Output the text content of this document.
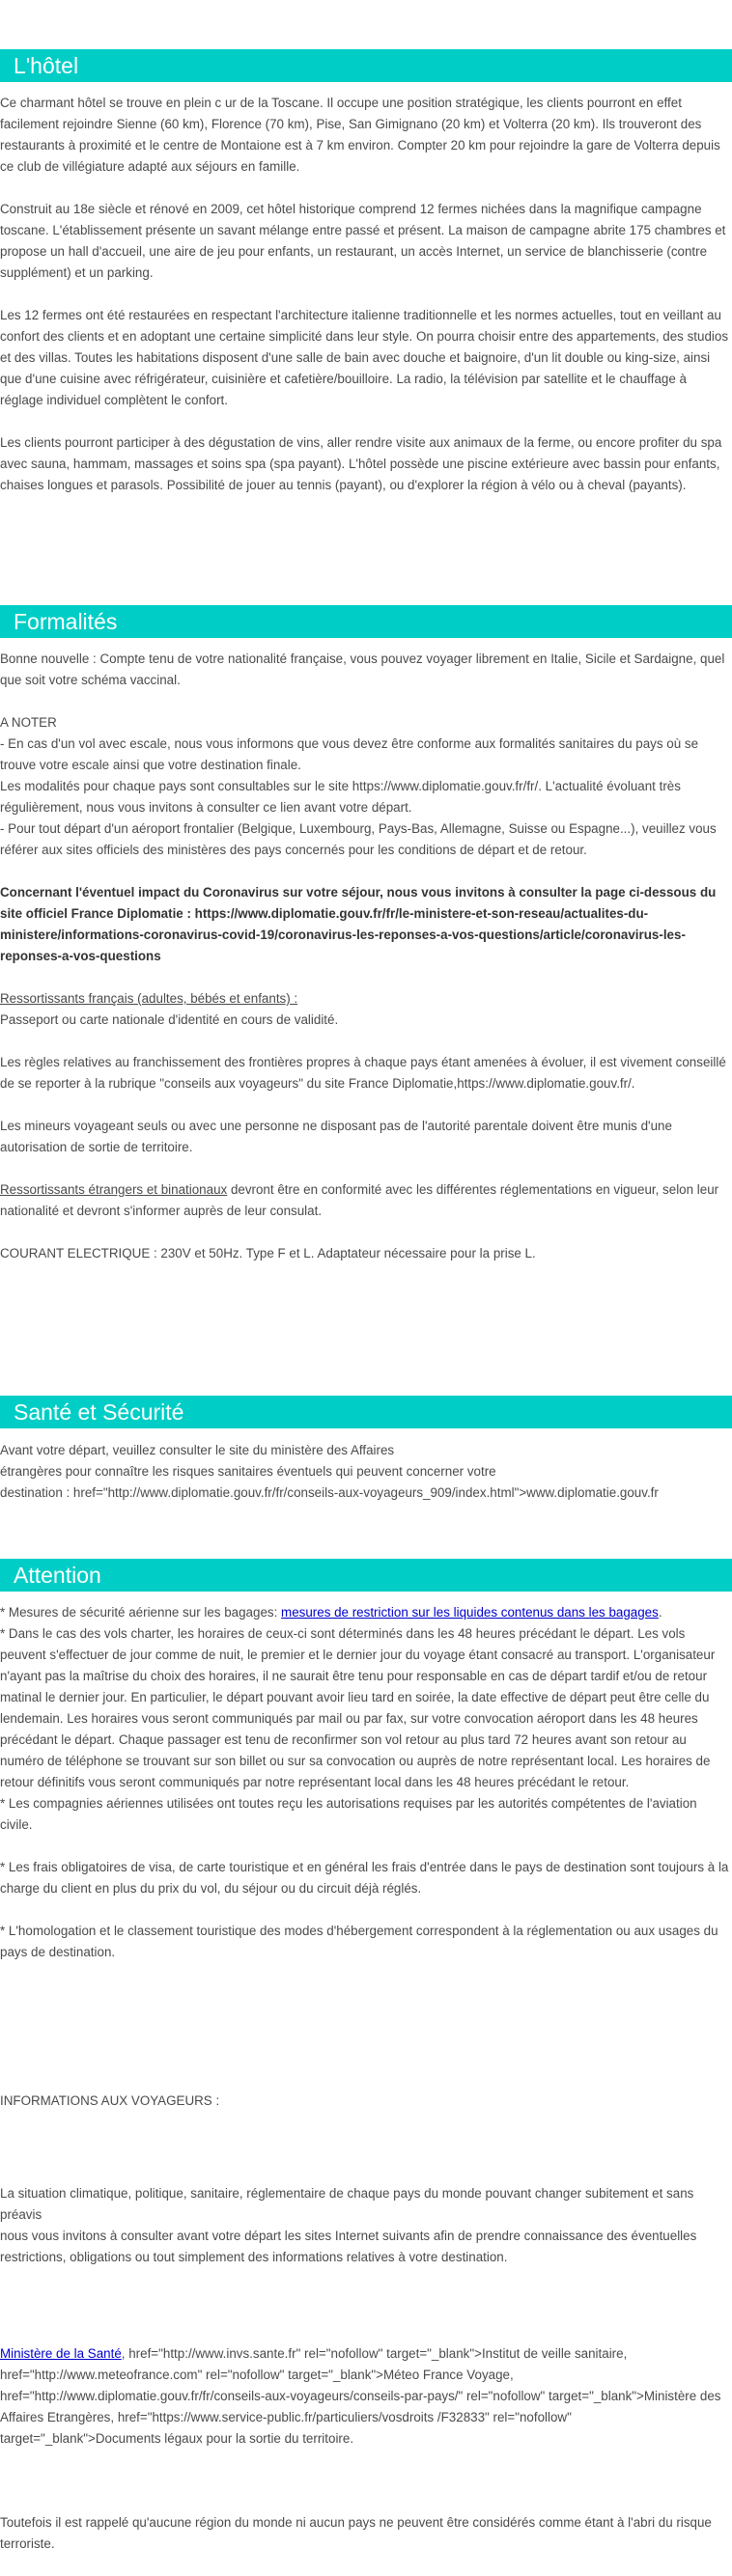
L'hôtel

Ce charmant hôtel se trouve en plein c ur de la Toscane. Il occupe une position stratégique, les clients pourront en effet facilement rejoindre Sienne (60 km), Florence (70 km), Pise, San Gimignano (20 km) et Volterra (20 km). Ils trouveront des restaurants à proximité et le centre de Montaione est à 7 km environ. Compter 20 km pour rejoindre la gare de Volterra depuis ce club de villégiature adapté aux séjours en famille.

Construit au 18e siècle et rénové en 2009, cet hôtel historique comprend 12 fermes nichées dans la magnifique campagne toscane. L'établissement présente un savant mélange entre passé et présent. La maison de campagne abrite 175 chambres et propose un hall d'accueil, une aire de jeu pour enfants, un restaurant, un accès Internet, un service de blanchisserie (contre supplément) et un parking.

Les 12 fermes ont été restaurées en respectant l'architecture italienne traditionnelle et les normes actuelles, tout en veillant au confort des clients et en adoptant une certaine simplicité dans leur style. On pourra choisir entre des appartements, des studios et des villas. Toutes les habitations disposent d'une salle de bain avec douche et baignoire, d'un lit double ou king-size, ainsi que d'une cuisine avec réfrigérateur, cuisinière et cafetière/bouilloire. La radio, la télévision par satellite et le chauffage à réglage individuel complètent le confort.

Les clients pourront participer à des dégustation de vins, aller rendre visite aux animaux de la ferme, ou encore profiter du spa avec sauna, hammam, massages et soins spa (spa payant). L'hôtel possède une piscine extérieure avec bassin pour enfants, chaises longues et parasols. Possibilité de jouer au tennis (payant), ou d'explorer la région à vélo ou à cheval (payants).

Formalités

Bonne nouvelle : Compte tenu de votre nationalité française, vous pouvez voyager librement en Italie, Sicile et Sardaigne, quel que soit votre schéma vaccinal.

A NOTER

- En cas d'un vol avec escale, nous vous informons que vous devez être conforme aux formalités sanitaires du pays où se trouve votre escale ainsi que votre destination finale.

Les modalités pour chaque pays sont consultables sur le site https://www.diplomatie.gouv.fr/fr/. L'actualité évoluant très régulièrement, nous vous invitons à consulter ce lien avant votre départ.

- Pour tout départ d'un aéroport frontalier (Belgique, Luxembourg, Pays-Bas, Allemagne, Suisse ou Espagne...), veuillez vous référer aux sites officiels des ministères des pays concernés pour les conditions de départ et de retour.

Concernant l'éventuel impact du Coronavirus sur votre séjour, nous vous invitons à consulter la page ci-dessous du site officiel France Diplomatie : https://www.diplomatie.gouv.fr/fr/le-ministere-et-son-reseau/actualites-du-ministere/informations-coronavirus-covid-19/coronavirus-les-reponses-a-vos-questions/article/coronavirus-les-reponses-a-vos-questions

Ressortissants français (adultes, bébés et enfants) :

Passeport ou carte nationale d'identité en cours de validité.

Les règles relatives au franchissement des frontières propres à chaque pays étant amenées à évoluer, il est vivement conseillé de se reporter à la rubrique "conseils aux voyageurs" du site France Diplomatie,https://www.diplomatie.gouv.fr/.

Les mineurs voyageant seuls ou avec une personne ne disposant pas de l'autorité parentale doivent être munis d'une autorisation de sortie de territoire.

Ressortissants étrangers et binationaux devront être en conformité avec les différentes réglementations en vigueur, selon leur nationalité et devront s'informer auprès de leur consulat.

COURANT ELECTRIQUE : 230V et 50Hz. Type F et L. Adaptateur nécessaire pour la prise L.

Santé et Sécurité

Avant votre départ, veuillez consulter le site du ministère des Affaires

étrangères pour connaître les risques sanitaires éventuels qui peuvent concerner votre

destination : href="http://www.diplomatie.gouv.fr/fr/conseils-aux-voyageurs_909/index.html">www.diplomatie.gouv.fr

Attention

* Mesures de sécurité aérienne sur les bagages: mesures de restriction sur les liquides contenus dans les bagages.

* Dans le cas des vols charter, les horaires de ceux-ci sont déterminés dans les 48 heures précédant le départ. Les vols peuvent s'effectuer de jour comme de nuit, le premier et le dernier jour du voyage étant consacré au transport. L'organisateur n'ayant pas la maîtrise du choix des horaires, il ne saurait être tenu pour responsable en cas de départ tardif et/ou de retour matinal le dernier jour. En particulier, le départ pouvant avoir lieu tard en soirée, la date effective de départ peut être celle du lendemain. Les horaires vous seront communiqués par mail ou par fax, sur votre convocation aéroport dans les 48 heures précédant le départ. Chaque passager est tenu de reconfirmer son vol retour au plus tard 72 heures avant son retour au numéro de téléphone se trouvant sur son billet ou sur sa convocation ou auprès de notre représentant local. Les horaires de retour définitifs vous seront communiqués par notre représentant local dans les 48 heures précédant le retour.

* Les compagnies aériennes utilisées ont toutes reçu les autorisations requises par les autorités compétentes de l'aviation civile.

* Les frais obligatoires de visa, de carte touristique et en général les frais d'entrée dans le pays de destination sont toujours à la charge du client en plus du prix du vol, du séjour ou du circuit déjà réglés.

* L'homologation et le classement touristique des modes d'hébergement correspondent à la réglementation ou aux usages du pays de destination.

INFORMATIONS AUX VOYAGEURS :

La situation climatique, politique, sanitaire, réglementaire de chaque pays du monde pouvant changer subitement et sans préavis

nous vous invitons à consulter avant votre départ les sites Internet suivants afin de prendre connaissance des éventuelles restrictions, obligations ou tout simplement des informations relatives à votre destination.

Ministère de la Santé, href="http://www.invs.sante.fr" rel="nofollow" target="_blank">Institut de veille sanitaire, href="http://www.meteofrance.com" rel="nofollow" target="_blank">Méteo France Voyage, href="http://www.diplomatie.gouv.fr/fr/conseils-aux-voyageurs/conseils-par-pays/" rel="nofollow" target="_blank">Ministère des Affaires Etrangères, href="https://www.service-public.fr/particuliers/vosdroits /F32833" rel="nofollow" target="_blank">Documents légaux pour la sortie du territoire.

Toutefois il est rappelé qu'aucune région du monde ni aucun pays ne peuvent être considérés comme étant à l'abri du risque terroriste.
